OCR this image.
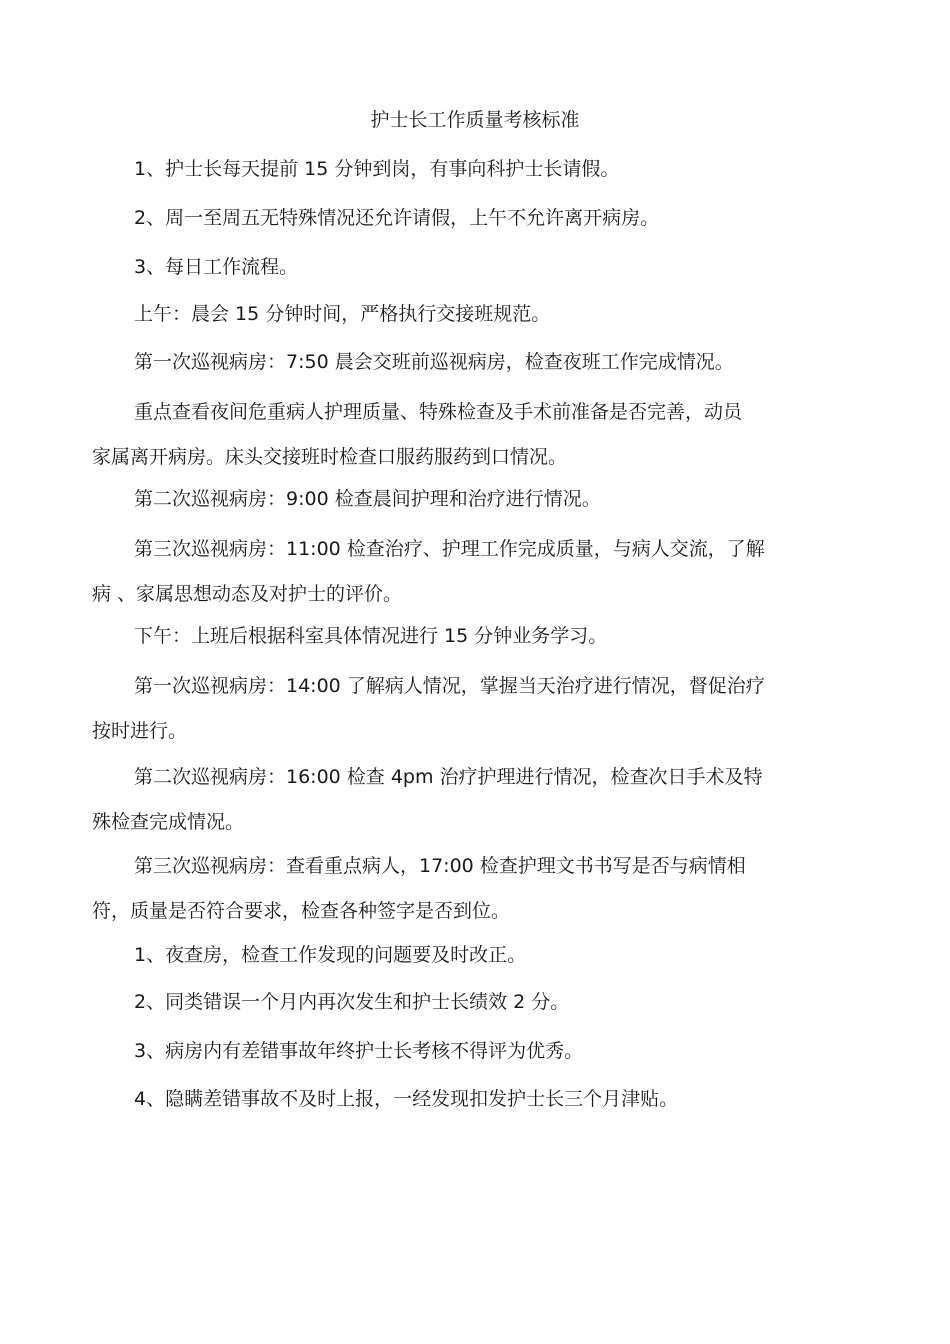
护士长工作质量考核标准
1、护士长每天提前 15 分钟到岗，有事向科护士长请假。
2、周一至周五无特殊情况还允许请假，上午不允许离开病房。
3、每日工作流程。
上午：晨会 15 分钟时间，严格执行交接班规范。
第一次巡视病房：7:50 晨会交班前巡视病房，检查夜班工作完成情况。
重点查看夜间危重病人护理质量、特殊检查及手术前准备是否完善，动员
家属离开病房。床头交接班时检查口服药服药到口情况。
第二次巡视病房：9:00 检查晨间护理和治疗进行情况。
第三次巡视病房：11:00 检查治疗、护理工作完成质量，与病人交流，了解
病 、家属思想动态及对护士的评价。
下午：上班后根据科室具体情况进行 15 分钟业务学习。
第一次巡视病房：14:00 了解病人情况，掌握当天治疗进行情况，督促治疗
按时进行。
第二次巡视病房：16:00 检查 4pm 治疗护理进行情况，检查次日手术及特
殊检查完成情况。
第三次巡视病房：查看重点病人，17:00 检查护理文书书写是否与病情相
符，质量是否符合要求，检查各种签字是否到位。
1、夜查房，检查工作发现的问题要及时改正。
2、同类错误一个月内再次发生和护士长绩效 2 分。
3、病房内有差错事故年终护士长考核不得评为优秀。
4、隐瞒差错事故不及时上报，一经发现扣发护士长三个月津贴。
